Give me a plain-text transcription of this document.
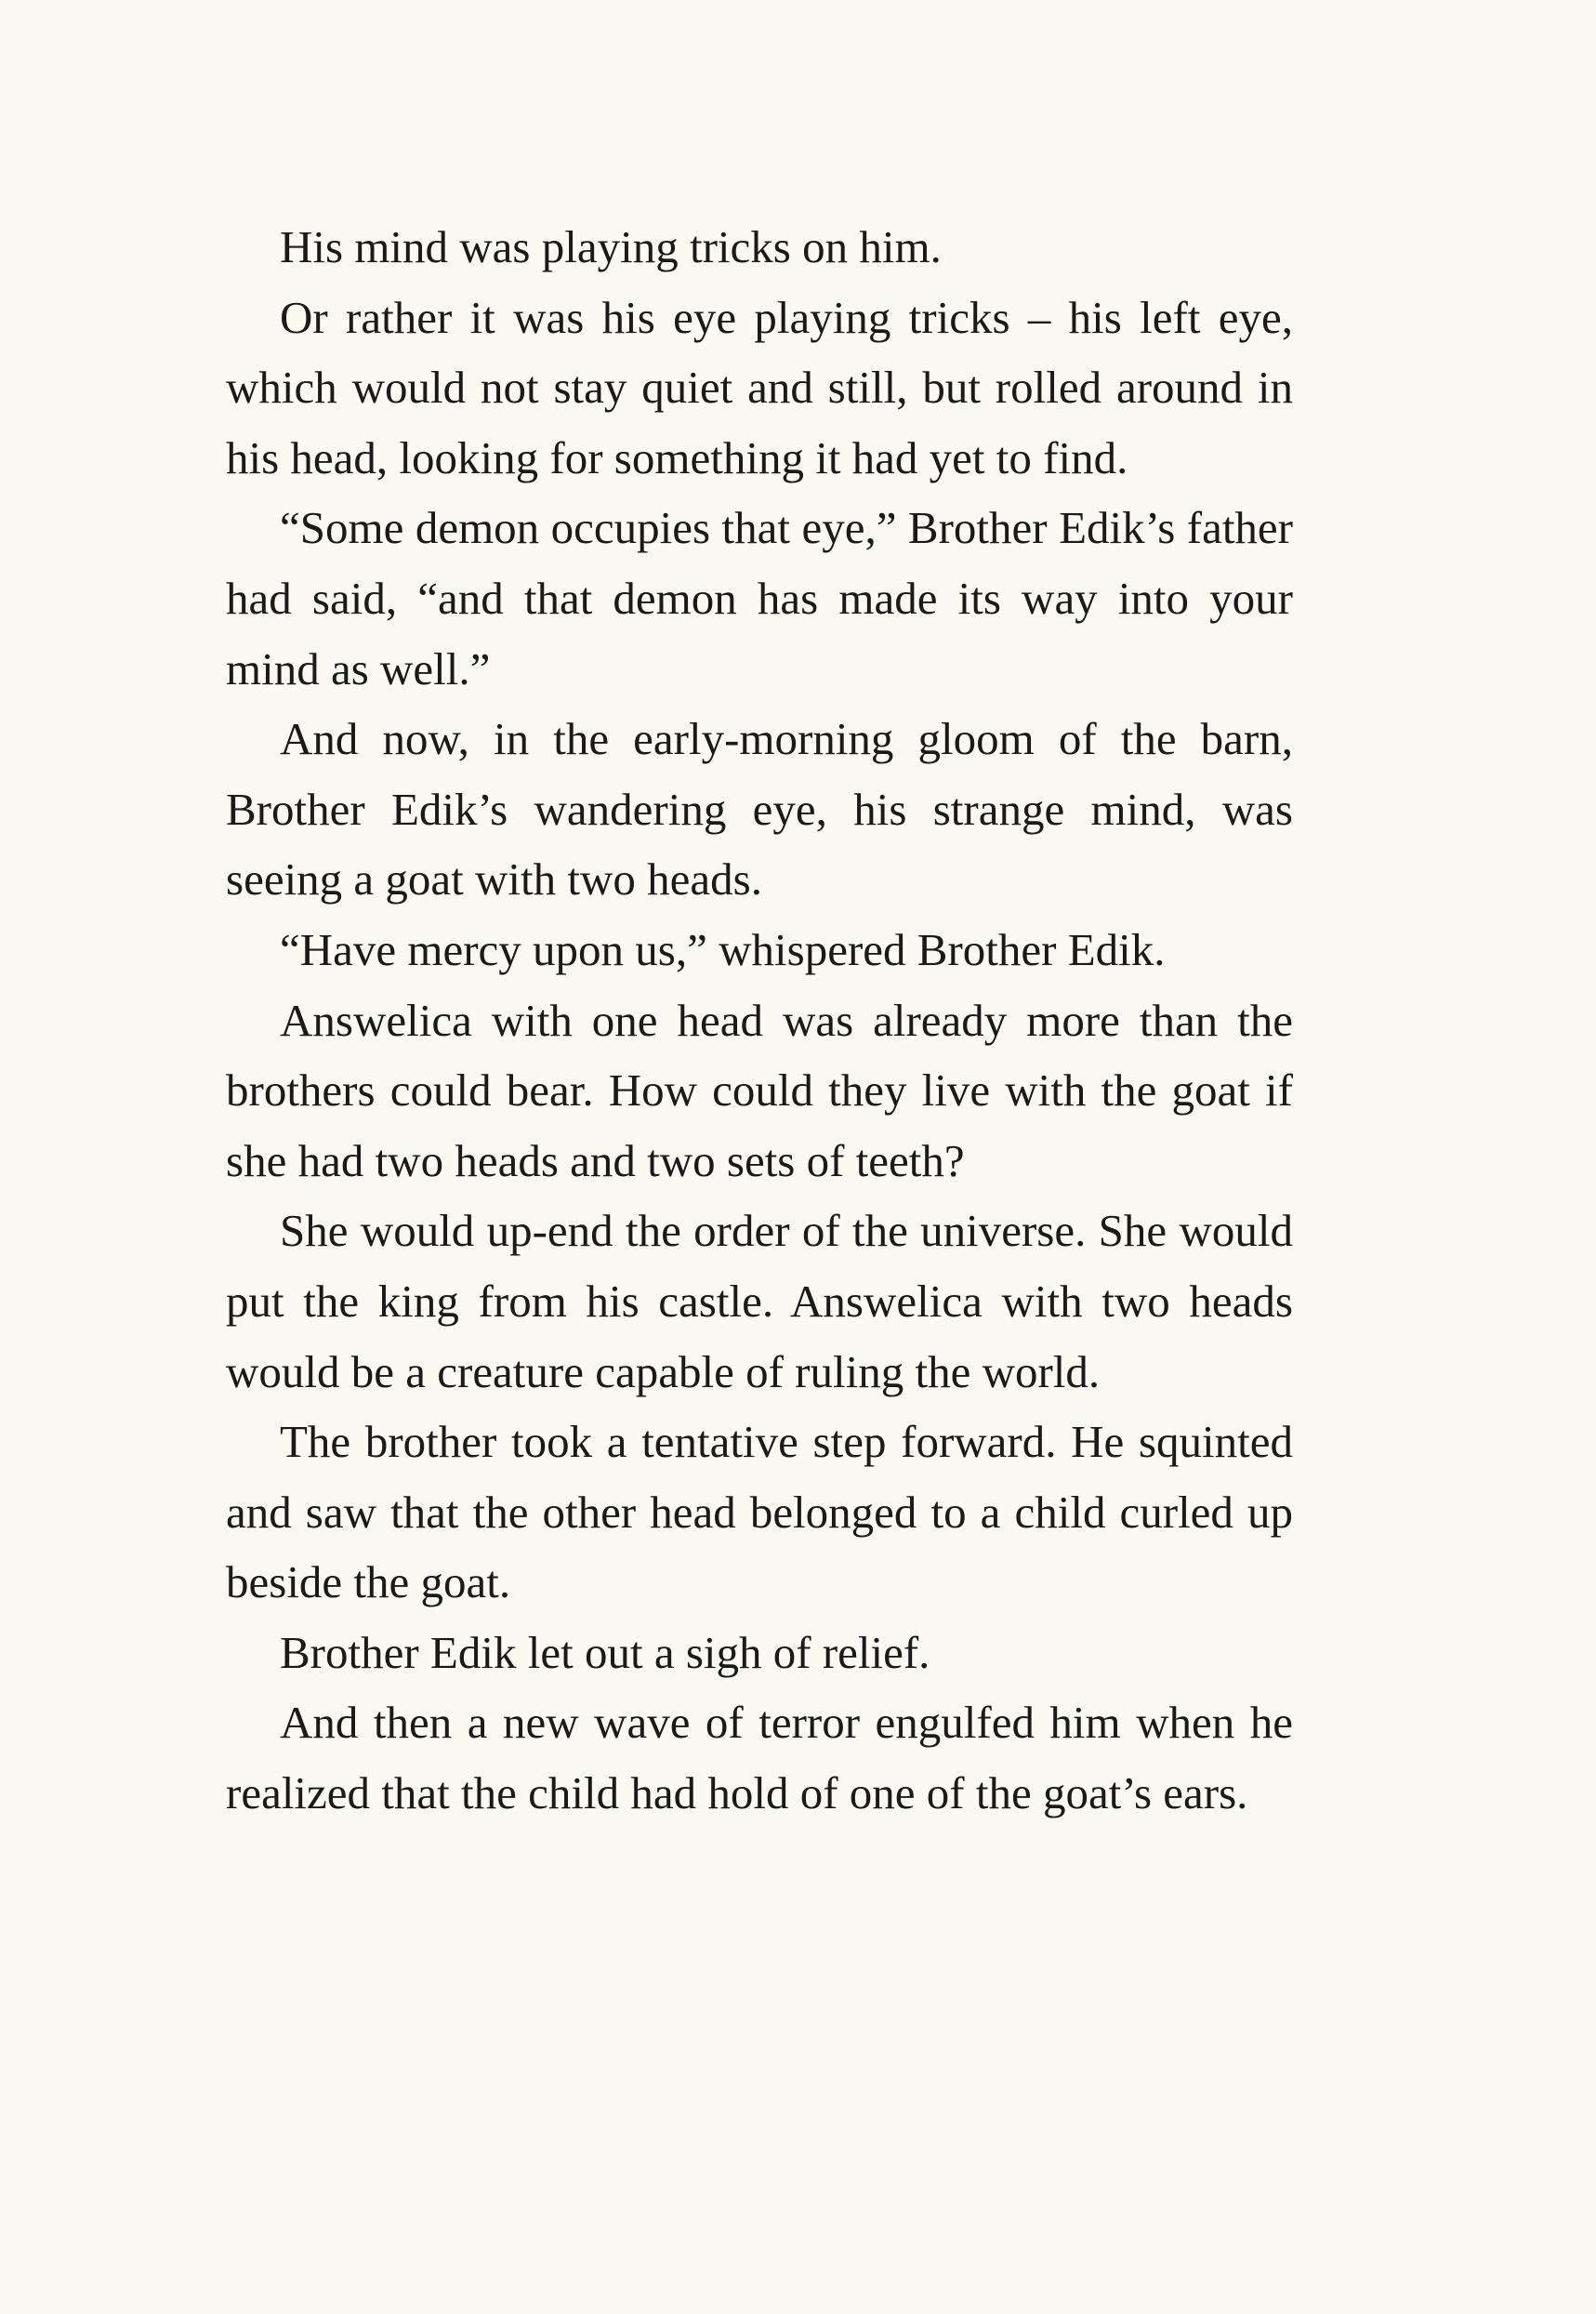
His mind was playing tricks on him.

Or rather it was his eye playing tricks – his left eye, which would not stay quiet and still, but rolled around in his head, looking for something it had yet to find.

“Some demon occupies that eye,” Brother Edik’s father had said, “and that demon has made its way into your mind as well.”

And now, in the early-morning gloom of the barn, Brother Edik’s wandering eye, his strange mind, was seeing a goat with two heads.

“Have mercy upon us,” whispered Brother Edik.

Answelica with one head was already more than the brothers could bear. How could they live with the goat if she had two heads and two sets of teeth?

She would up-end the order of the universe. She would put the king from his castle. Answelica with two heads would be a creature capable of ruling the world.

The brother took a tentative step forward. He squinted and saw that the other head belonged to a child curled up beside the goat.

Brother Edik let out a sigh of relief.

And then a new wave of terror engulfed him when he realized that the child had hold of one of the goat’s ears.
